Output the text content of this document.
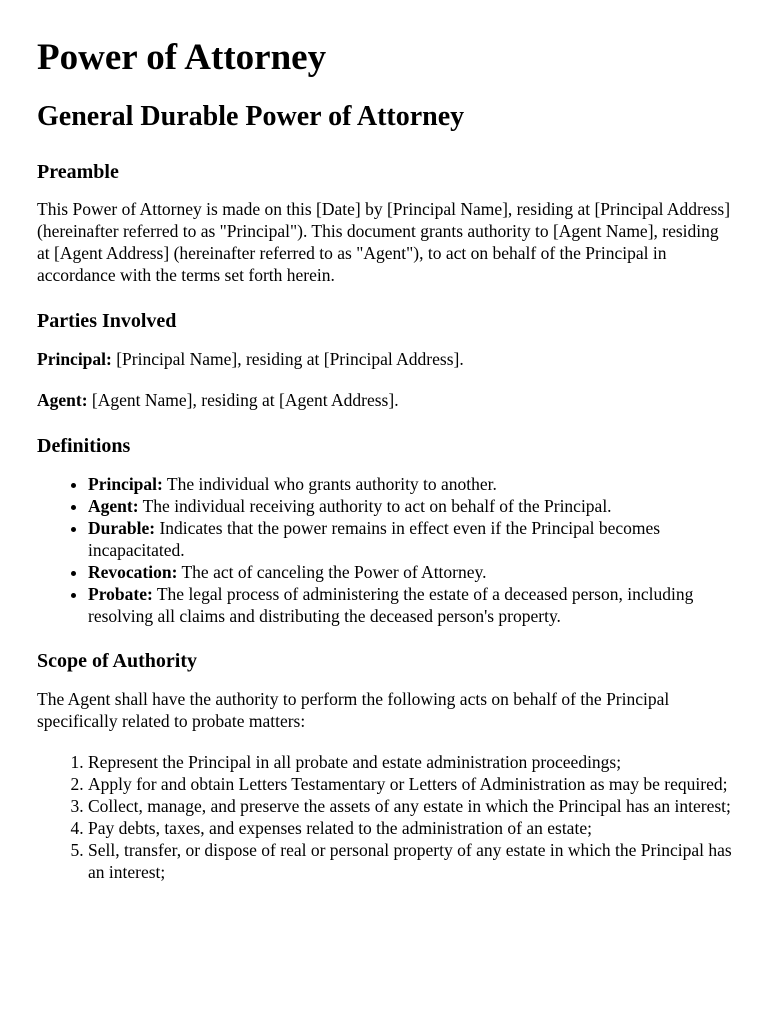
Power of Attorney
General Durable Power of Attorney
Preamble

This Power of Attorney is made on this [Date] by [Principal Name], residing at [Principal Address] (hereinafter referred to as "Principal"). This document grants authority to [Agent Name], residing at [Agent Address] (hereinafter referred to as "Agent"), to act on behalf of the Principal in accordance with the terms set forth herein.

Parties Involved

Principal: [Principal Name], residing at [Principal Address].

Agent: [Agent Name], residing at [Agent Address].

Definitions
• Principal: The individual who grants authority to another.
• Agent: The individual receiving authority to act on behalf of the Principal.
• Durable: Indicates that the power remains in effect even if the Principal becomes incapacitated.
• Revocation: The act of canceling the Power of Attorney.
• Probate: The legal process of administering the estate of a deceased person, including resolving all claims and distributing the deceased person's property.
Scope of Authority

The Agent shall have the authority to perform the following acts on behalf of the Principal specifically related to probate matters:

1. Represent the Principal in all probate and estate administration proceedings;
2. Apply for and obtain Letters Testamentary or Letters of Administration as may be required;
3. Collect, manage, and preserve the assets of any estate in which the Principal has an interest;
4. Pay debts, taxes, and expenses related to the administration of an estate;
5. Sell, transfer, or dispose of real or personal property of any estate in which the Principal has an interest;
